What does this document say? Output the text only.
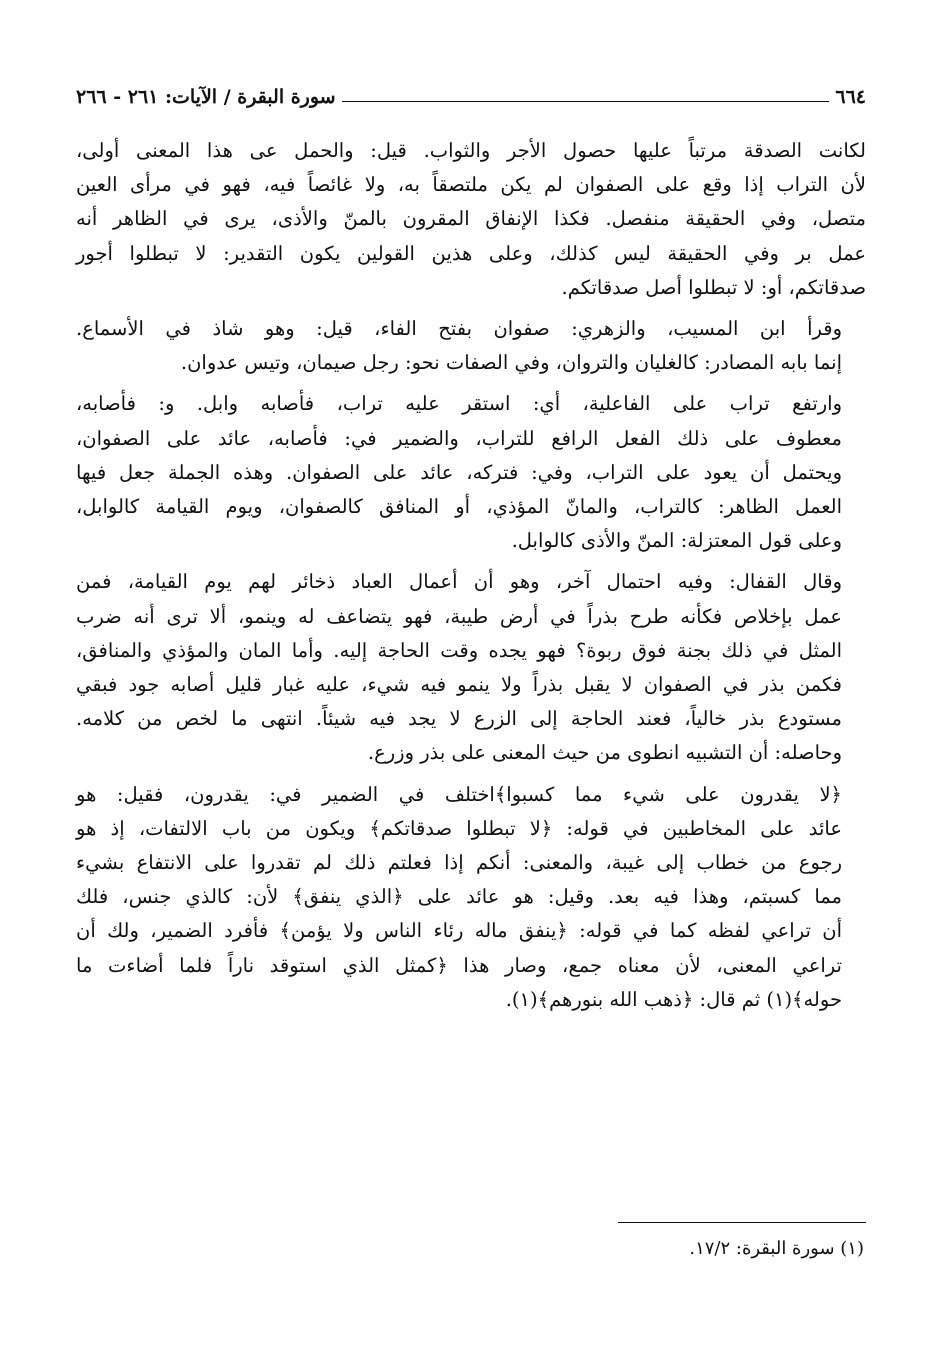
٦٦٤
سورة البقرة / الآيات: ٢٦١ - ٢٦٦

لكانت الصدقة مرتباً عليها حصول الأجر والثواب. قيل: والحمل عى هذا المعنى أولى،
لأن التراب إذا وقع على الصفوان لم يكن ملتصقاً به، ولا غائصاً فيه، فهو في مرأى العين
متصل، وفي الحقيقة منفصل. فكذا الإنفاق المقرون بالمنّ والأذى، يرى في الظاهر أنه
عمل بر وفي الحقيقة ليس كذلك، وعلى هذين القولين يكون التقدير: لا تبطلوا أجور
صدقاتكم، أو: لا تبطلوا أصل صدقاتكم.

وقرأ ابن المسيب، والزهري: صفوان بفتح الفاء، قيل: وهو شاذ في الأسماع.
إنما بابه المصادر: كالغليان والتروان، وفي الصفات نحو: رجل صيمان، وتيس عدوان.

وارتفع تراب على الفاعلية، أي: استقر عليه تراب، فأصابه وابل. و: فأصابه،
معطوف على ذلك الفعل الرافع للتراب، والضمير في: فأصابه، عائد على الصفوان،
ويحتمل أن يعود على التراب، وفي: فتركه، عائد على الصفوان. وهذه الجملة جعل فيها
العمل الظاهر: كالتراب، والمانّ المؤذي، أو المنافق كالصفوان، ويوم القيامة كالوابل،
وعلى قول المعتزلة: المنّ والأذى كالوابل.

وقال القفال: وفيه احتمال آخر، وهو أن أعمال العباد ذخائر لهم يوم القيامة، فمن
عمل بإخلاص فكأنه طرح بذراً في أرض طيبة، فهو يتضاعف له وينمو، ألا ترى أنه ضرب
المثل في ذلك بجنة فوق ربوة؟ فهو يجده وقت الحاجة إليه. وأما المان والمؤذي والمنافق،
فكمن بذر في الصفوان لا يقبل بذراً ولا ينمو فيه شيء، عليه غبار قليل أصابه جود فبقي
مستودع بذر خالياً، فعند الحاجة إلى الزرع لا يجد فيه شيئاً. انتهى ما لخص من كلامه.
وحاصله: أن التشبيه انطوى من حيث المعنى على بذر وزرع.

﴿لا يقدرون على شيء مما كسبوا﴾اختلف في الضمير في: يقدرون، فقيل: هو
عائد على المخاطبين في قوله: ﴿لا تبطلوا صدقاتكم﴾ ويكون من باب الالتفات، إذ هو
رجوع من خطاب إلى غيبة، والمعنى: أنكم إذا فعلتم ذلك لم تقدروا على الانتفاع بشيء
مما كسبتم، وهذا فيه بعد. وقيل: هو عائد على ﴿الذي ينفق﴾ لأن: كالذي جنس، فلك
أن تراعي لفظه كما في قوله: ﴿ينفق ماله رئاء الناس ولا يؤمن﴾ فأفرد الضمير، ولك أن
تراعي المعنى، لأن معناه جمع، وصار هذا ﴿كمثل الذي استوقد ناراً فلما أضاءت ما
حوله﴾(١) ثم قال: ﴿ذهب الله بنورهم﴾(١).

(١) سورة البقرة: ١٧/٢.
